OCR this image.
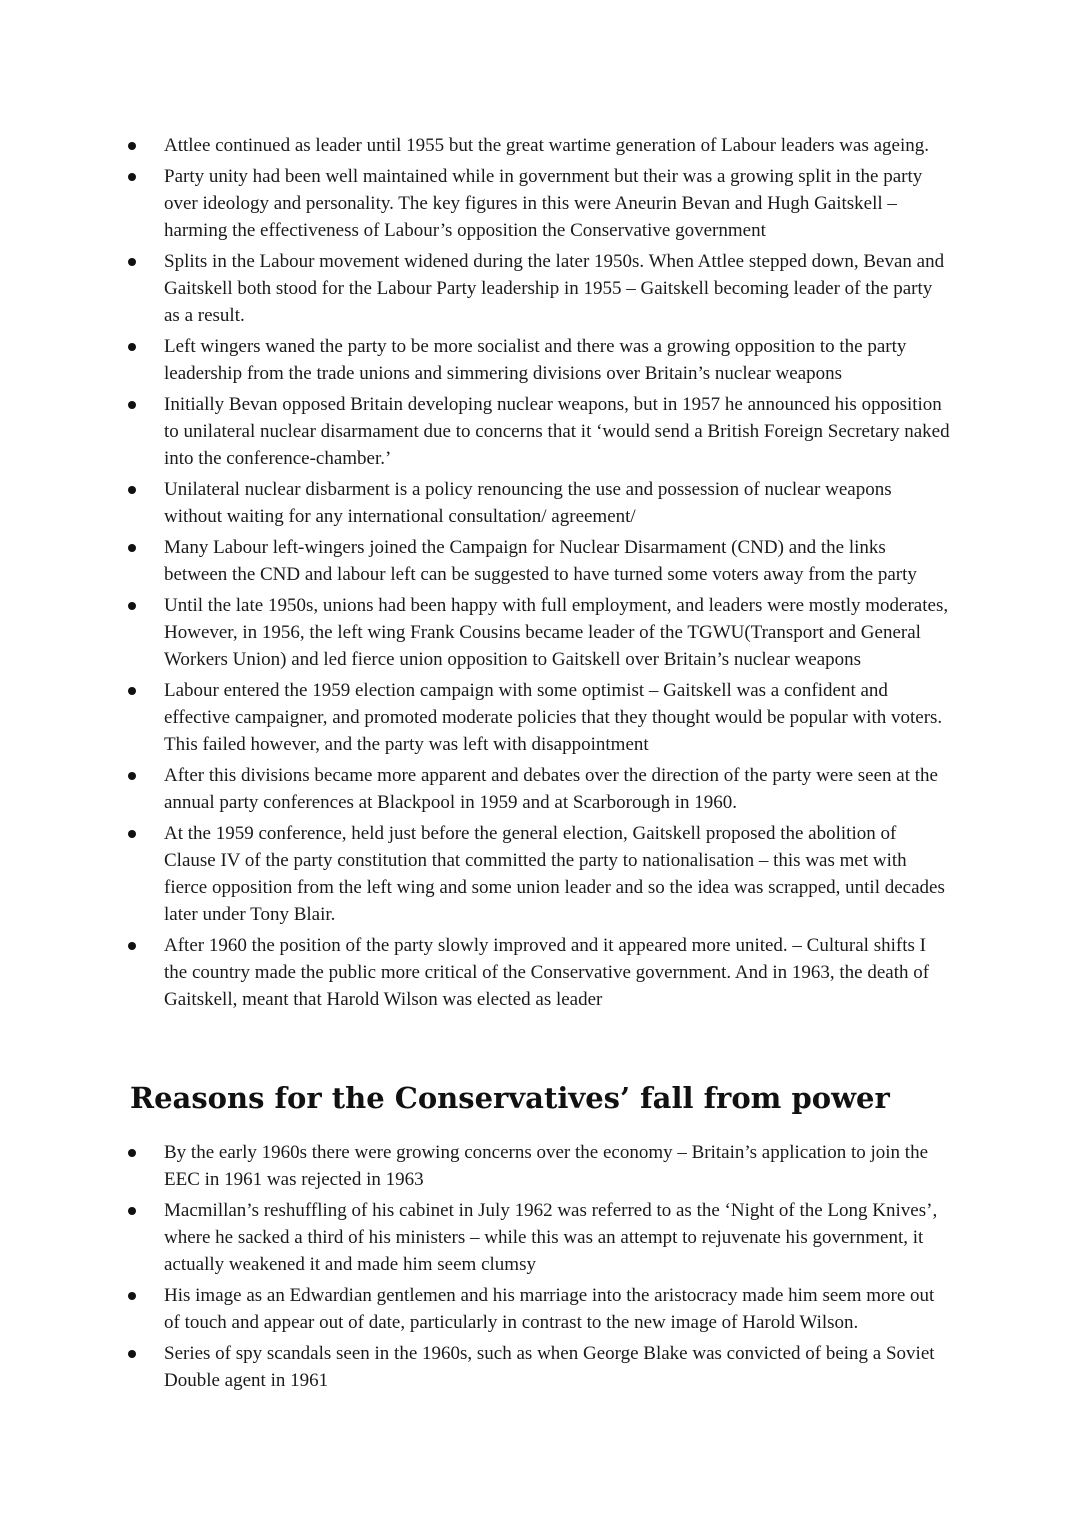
Attlee continued as leader until 1955 but the great wartime generation of Labour leaders was ageing.
Party unity had been well maintained while in government but their was a growing split in the party over ideology and personality. The key figures in this were Aneurin Bevan and Hugh Gaitskell – harming the effectiveness of Labour’s opposition the Conservative government
Splits in the Labour movement widened during the later 1950s. When Attlee stepped down, Bevan and Gaitskell both stood for the Labour Party leadership in 1955 – Gaitskell becoming leader of the party as a result.
Left wingers waned the party to be more socialist and there was a growing opposition to the party leadership from the trade unions and simmering divisions over Britain’s nuclear weapons
Initially Bevan opposed Britain developing nuclear weapons, but in 1957 he announced his opposition to unilateral nuclear disarmament due to concerns that it ‘would send a British Foreign Secretary naked into the conference-chamber.’
Unilateral nuclear disbarment is a policy renouncing the use and possession of nuclear weapons without waiting for any international consultation/ agreement/
Many Labour left-wingers joined the Campaign for Nuclear Disarmament (CND) and the links between the CND and labour left can be suggested to have turned some voters away from the party
Until the late 1950s, unions had been happy with full employment, and leaders were mostly moderates, However, in 1956, the left wing Frank Cousins became leader of the TGWU(Transport and General Workers Union) and led fierce union opposition to Gaitskell over Britain’s nuclear weapons
Labour entered the 1959 election campaign with some optimist – Gaitskell was a confident and effective campaigner, and promoted moderate policies that they thought would be popular with voters. This failed however, and the party was left with disappointment
After this divisions became more apparent and debates over the direction of the party were seen at the annual party conferences at Blackpool in 1959 and at Scarborough in 1960.
At the 1959 conference, held just before the general election, Gaitskell proposed the abolition of Clause IV of the party constitution that committed the party to nationalisation – this was met with fierce opposition from the left wing and some union leader and so the idea was scrapped, until decades later under Tony Blair.
After 1960 the position of the party slowly improved and it appeared more united. – Cultural shifts I the country made the public more critical of the Conservative government. And in 1963, the death of Gaitskell, meant that Harold Wilson was elected as leader
Reasons for the Conservatives’ fall from power
By the early 1960s there were growing concerns over the economy – Britain’s application to join the EEC in 1961 was rejected in 1963
Macmillan’s reshuffling of his cabinet in July 1962 was referred to as the ‘Night of the Long Knives’, where he sacked a third of his ministers – while this was an attempt to rejuvenate his government, it actually weakened it and made him seem clumsy
His image as an Edwardian gentlemen and his marriage into the aristocracy made him seem more out of touch and appear out of date, particularly in contrast to the new image of Harold Wilson.
Series of spy scandals seen in the 1960s, such as when George Blake was convicted of being a Soviet Double agent in 1961
